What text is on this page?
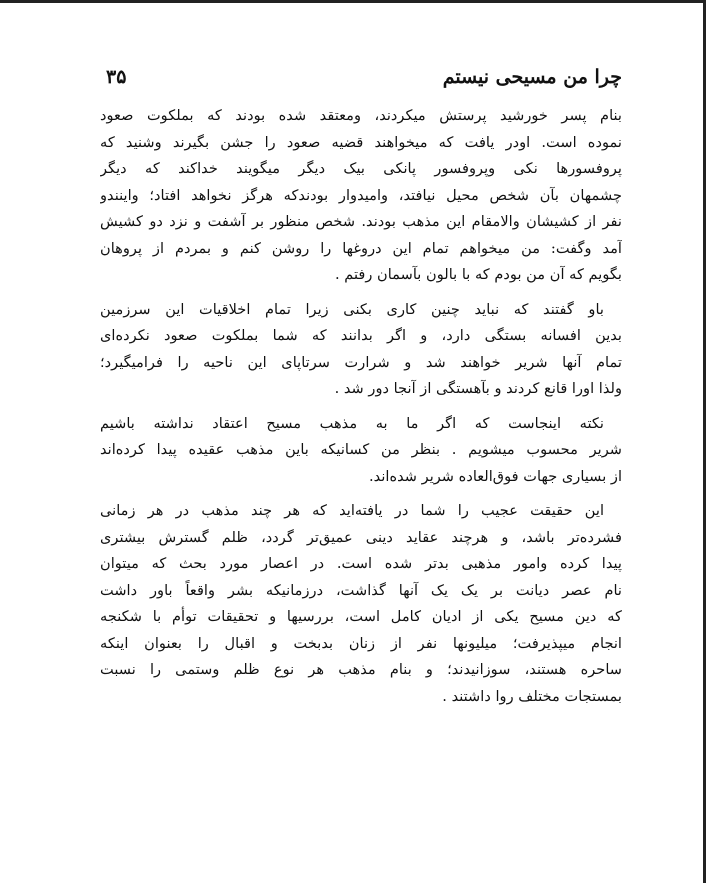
چرا من مسیحی نیستم
۳۵

بنام پسر خورشید پرستش میکردند، ومعتقد شده بودند که بملکوت صعود
نموده است. اودر یافت که میخواهند قضیه صعود را جشن بگیرند وشنید که
پروفسورها نکی وپروفسور پانکی بیک دیگر میگویند خداکند که دیگر
چشمهان بآن شخص محیل نیافتد، وامیدوار بودندکه هرگز نخواهد افتاد؛ واینندو
نفر از کشیشان والامقام این مذهب بودند. شخص منظور بر آشفت و نزد دو کشیش
آمد وگفت: من میخواهم تمام این دروغها را روشن کنم و بمردم از پروهان
بگویم که آن من بودم که با بالون بآسمان رفتم .

باو گفتند که نباید چنین کاری بکنی زیرا تمام اخلاقیات این سرزمین
بدین افسانه بستگی دارد، و اگر بدانند که شما بملکوت صعود نکرده‌ای
تمام آنها شریر خواهند شد و شرارت سرتاپای این ناحیه را فرامیگیرد؛
ولذا اورا قانع کردند و بآهستگی از آنجا دور شد .

نکته اینجاست که اگر ما به مذهب مسیح اعتقاد نداشته باشیم
شریر محسوب میشویم . بنظر من کسانیکه باین مذهب عقیده پیدا کرده‌اند
از بسیاری جهات فوق‌العاده شریر شده‌اند.

این حقیقت عجیب را شما در یافته‌اید که هر چند مذهب در هر زمانی
فشرده‌تر باشد، و هرچند عقاید دینی عمیق‌تر گردد، ظلم گسترش بیشتری
پیدا کرده وامور مذهبی بدتر شده است. در اعصار مورد بحث که میتوان
نام عصر دیانت بر یک یک آنها گذاشت، درزمانیکه بشر واقعاً باور داشت
که دین مسیح یکی از ادیان کامل است، بررسیها و تحقیقات توأم با شکنجه
انجام میپذیرفت؛ میلیونها نفر از زنان بدبخت و اقبال را بعنوان اینکه
ساحره هستند، سوزانیدند؛ و بنام مذهب هر نوع ظلم وستمی را نسبت
بمستجات مختلف روا داشتند .
